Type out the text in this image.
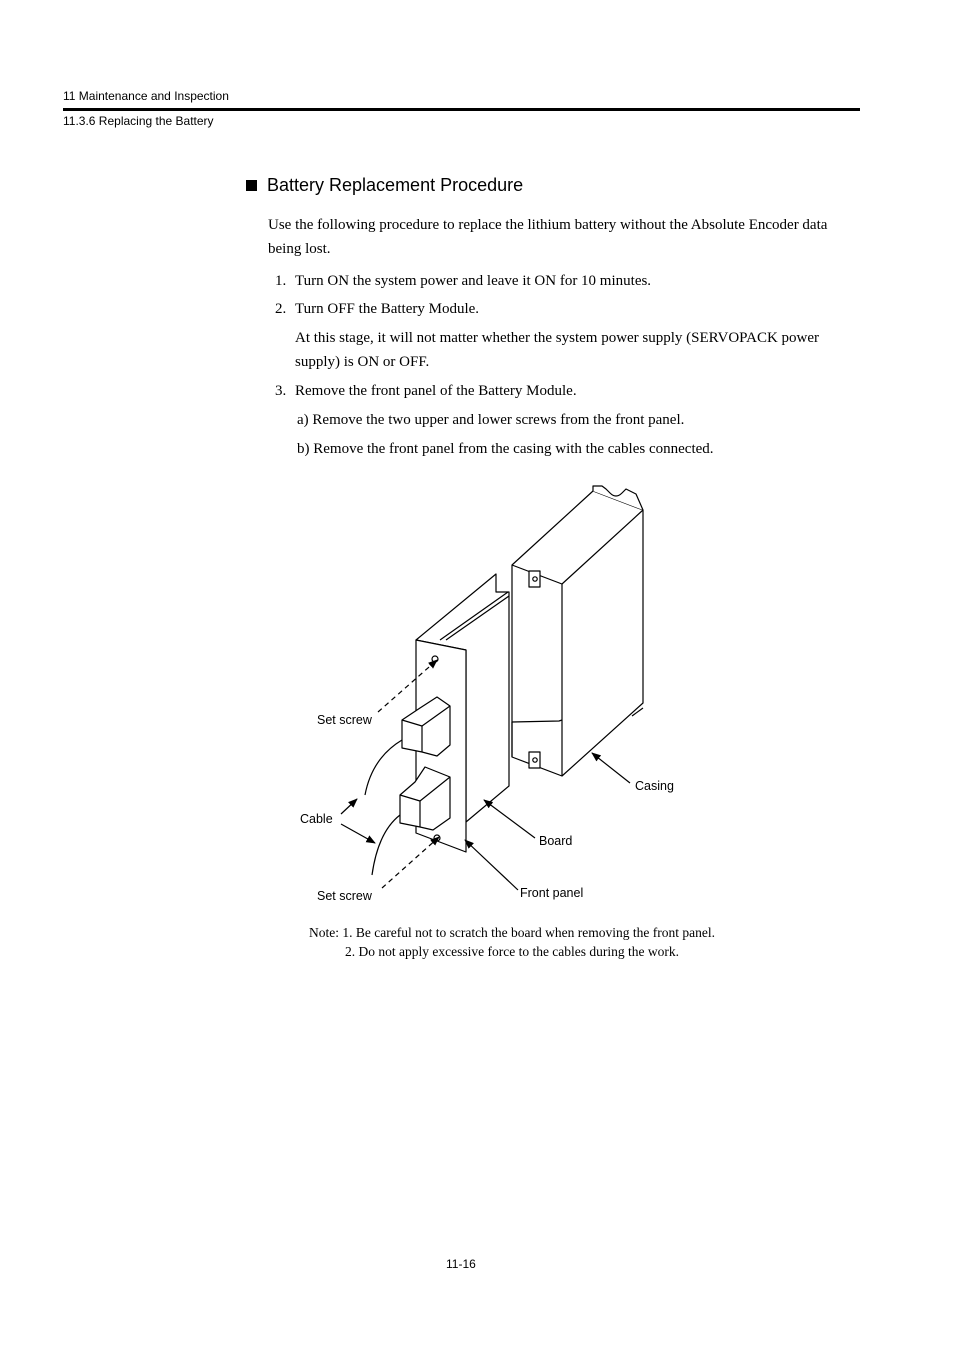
11 Maintenance and Inspection
11.3.6 Replacing the Battery
Battery Replacement Procedure
Use the following procedure to replace the lithium battery without the Absolute Encoder data being lost.
1. Turn ON the system power and leave it ON for 10 minutes.
2. Turn OFF the Battery Module.
At this stage, it will not matter whether the system power supply (SERVOPACK power
supply) is ON or OFF.
3. Remove the front panel of the Battery Module.
a) Remove the two upper and lower screws from the front panel.
b) Remove the front panel from the casing with the cables connected.
Set screw
Cable
Set screw
Casing
Board
Front panel
Note: 1. Be careful not to scratch the board when removing the front panel.
2. Do not apply excessive force to the cables during the work.
11-16
